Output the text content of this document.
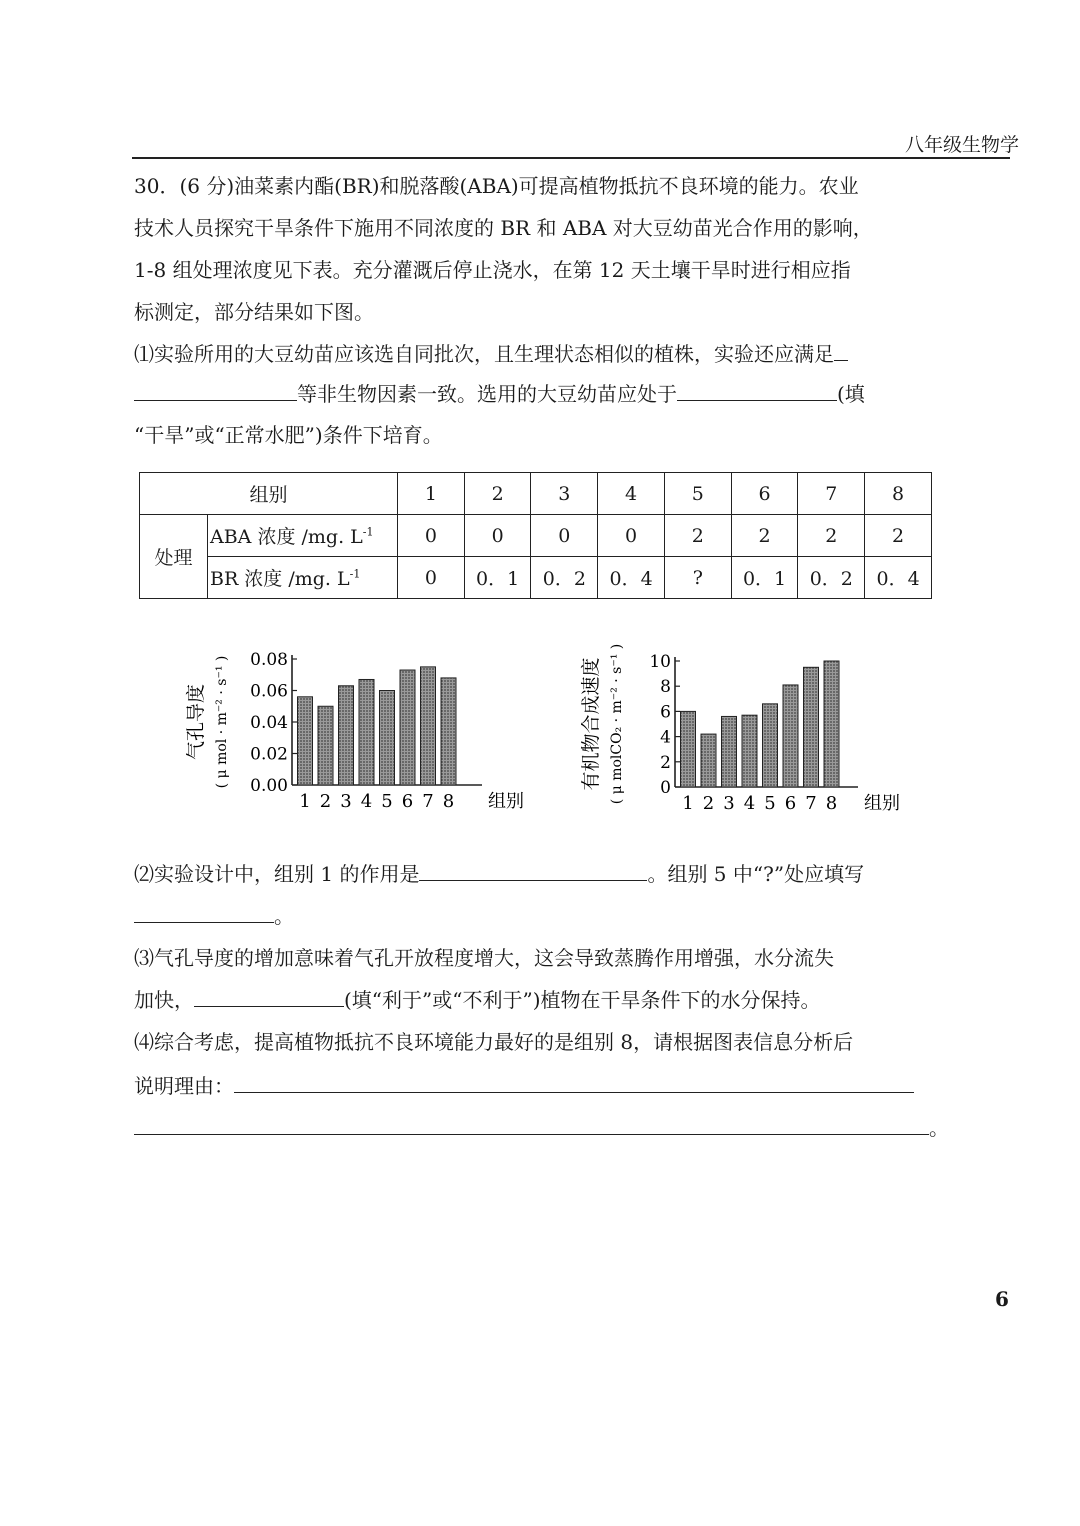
八年级生物学
30．(6 分)油菜素内酯(BR)和脱落酸(ABA)可提高植物抵抗不良环境的能力。农业
技术人员探究干旱条件下施用不同浓度的 BR 和 ABA 对大豆幼苗光合作用的影响，
1-8 组处理浓度见下表。充分灌溉后停止浇水，在第 12 天土壤干旱时进行相应指
标测定，部分结果如下图。
⑴实验所用的大豆幼苗应该选自同批次，且生理状态相似的植株，实验还应满足
等非生物因素一致。选用的大豆幼苗应处于	(填
“干旱”或“正常水肥”)条件下培育。
组别		1	2	3	4	5	6	7	8
处理	ABA 浓度 /mg. $L^{-1}$	0	0	0	0	2	2	2	2
	BR 浓度 /mg. $L^{-1}$	0	0．1	0．2	0．4	?	0．1	0．2	0．4
0.00
0.02
0.04
0.06
0.08
1 2 3 4 5 6 7 8 组别
气孔导度 ( μ mol · m⁻² · s⁻¹ )	0
2
4
6
8
10
1 2 3 4 5 6 7 8 组别
有机物合成速度 ( μ molCO₂ · m⁻² · s⁻¹ )
⑵实验设计中，组别 1 的作用是	。组别 5 中“?”处应填写
。
⑶气孔导度的增加意味着气孔开放程度增大，这会导致蒸腾作用增强，水分流失
加快，	(填“利于”或“不利于”)植物在干旱条件下的水分保持。
⑷综合考虑，提高植物抵抗不良环境能力最好的是组别 8，请根据图表信息分析后
说明理由：
。
6
